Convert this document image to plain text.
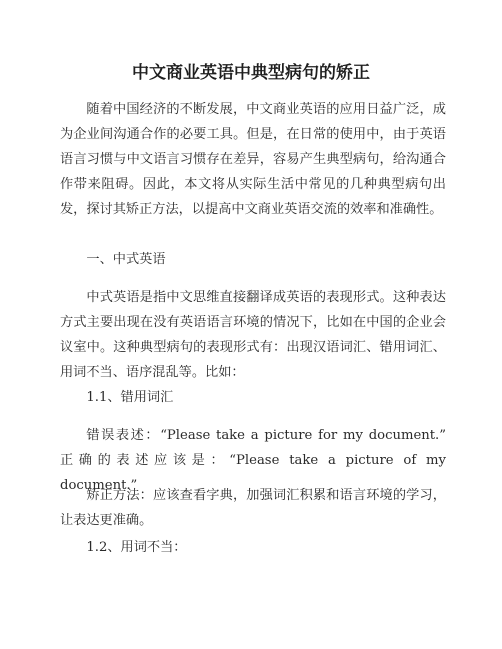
中文商业英语中典型病句的矫正

随着中国经济的不断发展，中文商业英语的应用日益广泛，成为企业间沟通合作的必要工具。但是，在日常的使用中，由于英语语言习惯与中文语言习惯存在差异，容易产生典型病句，给沟通合作带来阻碍。因此，本文将从实际生活中常见的几种典型病句出发，探讨其矫正方法，以提高中文商业英语交流的效率和准确性。

一、中式英语

中式英语是指中文思维直接翻译成英语的表现形式。这种表达方式主要出现在没有英语语言环境的情况下，比如在中国的企业会议室中。这种典型病句的表现形式有：出现汉语词汇、错用词汇、用词不当、语序混乱等。比如：

1.1、错用词汇

错误表述：“Please take a picture for my document.” 正确的表述应该是：“Please take a picture of my document.”

矫正方法：应该查看字典，加强词汇积累和语言环境的学习，让表达更准确。

1.2、用词不当：
